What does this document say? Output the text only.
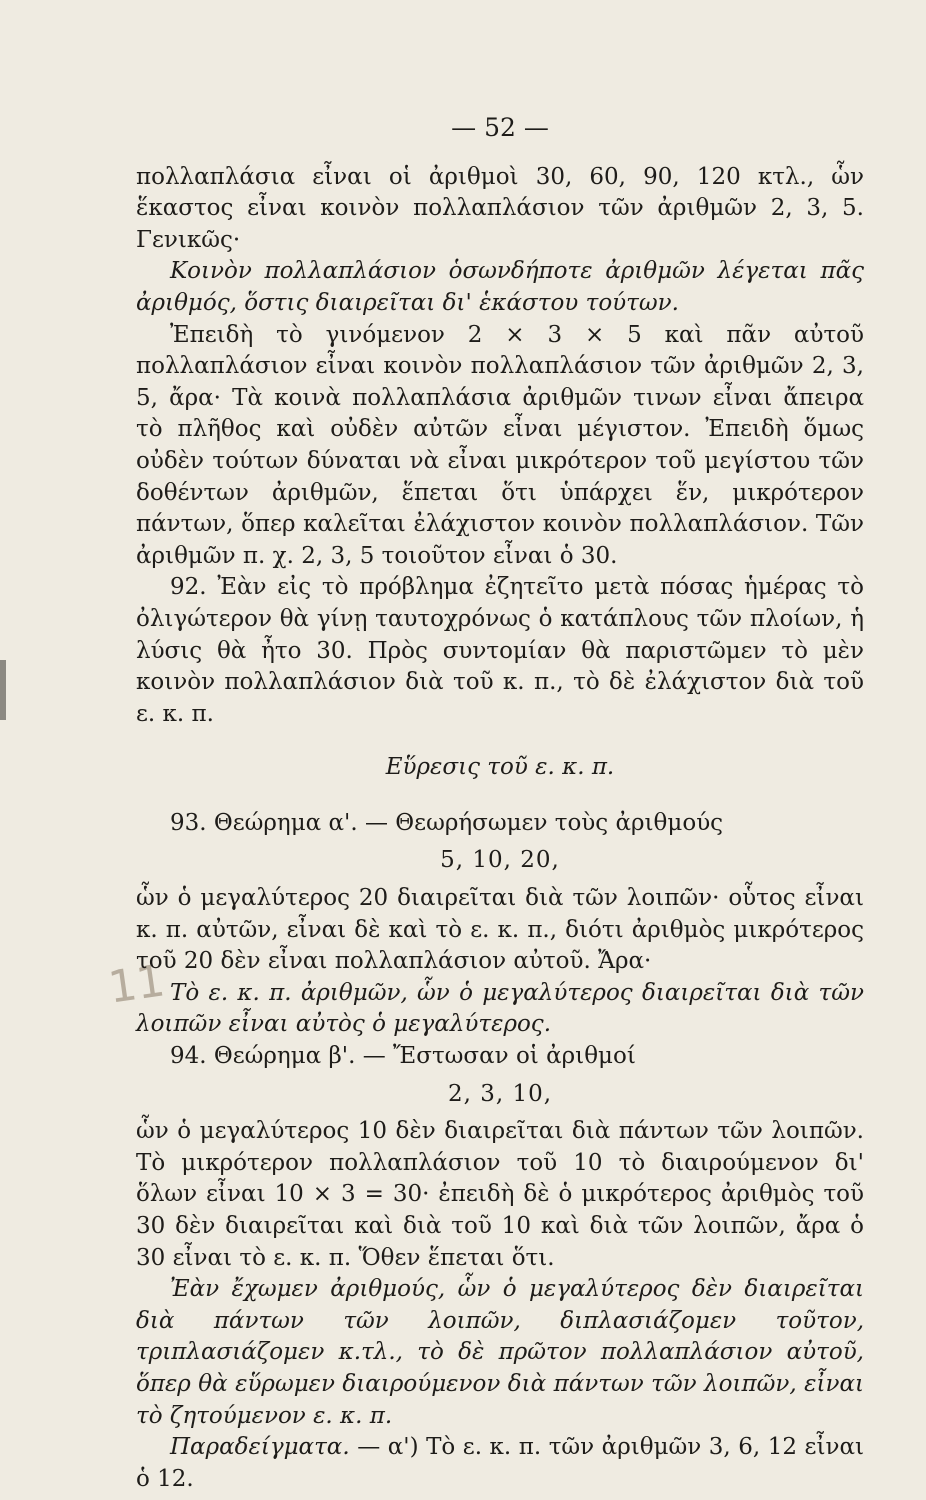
11
— 52 —

πολλαπλάσια εἶναι οἱ ἀριθμοὶ 30, 60, 90, 120 κτλ., ὧν ἕκαστος εἶναι κοινὸν πολλαπλάσιον τῶν ἀριθμῶν 2, 3, 5. Γενικῶς·

Κοινὸν πολλαπλάσιον ὁσωνδήποτε ἀριθμῶν λέγεται πᾶς ἀριθμός, ὅστις διαιρεῖται δι' ἑκάστου τούτων.

Ἐπειδὴ τὸ γινόμενον 2 × 3 × 5 καὶ πᾶν αὐτοῦ πολλαπλάσιον εἶναι κοινὸν πολλαπλάσιον τῶν ἀριθμῶν 2, 3, 5, ἄρα· Τὰ κοινὰ πολλαπλάσια ἀριθμῶν τινων εἶναι ἄπειρα τὸ πλῆθος καὶ οὐδὲν αὐτῶν εἶναι μέγιστον. Ἐπειδὴ ὅμως οὐδὲν τούτων δύναται νὰ εἶναι μικρότερον τοῦ μεγίστου τῶν δοθέντων ἀριθμῶν, ἕπεται ὅτι ὑπάρχει ἕν, μικρότερον πάντων, ὅπερ καλεῖται ἐλάχιστον κοινὸν πολλαπλάσιον. Τῶν ἀριθμῶν π. χ. 2, 3, 5 τοιοῦτον εἶναι ὁ 30.

92. Ἐὰν εἰς τὸ πρόβλημα ἐζητεῖτο μετὰ πόσας ἡμέρας τὸ ὀλιγώτερον θὰ γίνῃ ταυτοχρόνως ὁ κατάπλους τῶν πλοίων, ἡ λύσις θὰ ἦτο 30. Πρὸς συντομίαν θὰ παριστῶμεν τὸ μὲν κοινὸν πολλαπλάσιον διὰ τοῦ κ. π., τὸ δὲ ἐλάχιστον διὰ τοῦ ε. κ. π.

Εὕρεσις τοῦ ε. κ. π.

93. Θεώρημα α'. — Θεωρήσωμεν τοὺς ἀριθμούς

5, 10, 20,

ὧν ὁ μεγαλύτερος 20 διαιρεῖται διὰ τῶν λοιπῶν· οὗτος εἶναι κ. π. αὐτῶν, εἶναι δὲ καὶ τὸ ε. κ. π., διότι ἀριθμὸς μικρότερος τοῦ 20 δὲν εἶναι πολλαπλάσιον αὐτοῦ. Ἄρα·

Τὸ ε. κ. π. ἀριθμῶν, ὧν ὁ μεγαλύτερος διαιρεῖται διὰ τῶν λοιπῶν εἶναι αὐτὸς ὁ μεγαλύτερος.

94. Θεώρημα β'. — Ἔστωσαν οἱ ἀριθμοί

2, 3, 10,

ὧν ὁ μεγαλύτερος 10 δὲν διαιρεῖται διὰ πάντων τῶν λοιπῶν. Τὸ μικρότερον πολλαπλάσιον τοῦ 10 τὸ διαιρούμενον δι' ὅλων εἶναι 10 × 3 = 30· ἐπειδὴ δὲ ὁ μικρότερος ἀριθμὸς τοῦ 30 δὲν διαιρεῖται καὶ διὰ τοῦ 10 καὶ διὰ τῶν λοιπῶν, ἄρα ὁ 30 εἶναι τὸ ε. κ. π. Ὅθεν ἕπεται ὅτι.

Ἐὰν ἔχωμεν ἀριθμούς, ὧν ὁ μεγαλύτερος δὲν διαιρεῖται διὰ πάντων τῶν λοιπῶν, διπλασιάζομεν τοῦτον, τριπλασιάζομεν κ.τλ., τὸ δὲ πρῶτον πολλαπλάσιον αὐτοῦ, ὅπερ θὰ εὕρωμεν διαιρούμενον διὰ πάντων τῶν λοιπῶν, εἶναι τὸ ζητούμενον ε. κ. π.

Παραδείγματα. — α') Τὸ ε. κ. π. τῶν ἀριθμῶν 3, 6, 12 εἶναι ὁ 12.
